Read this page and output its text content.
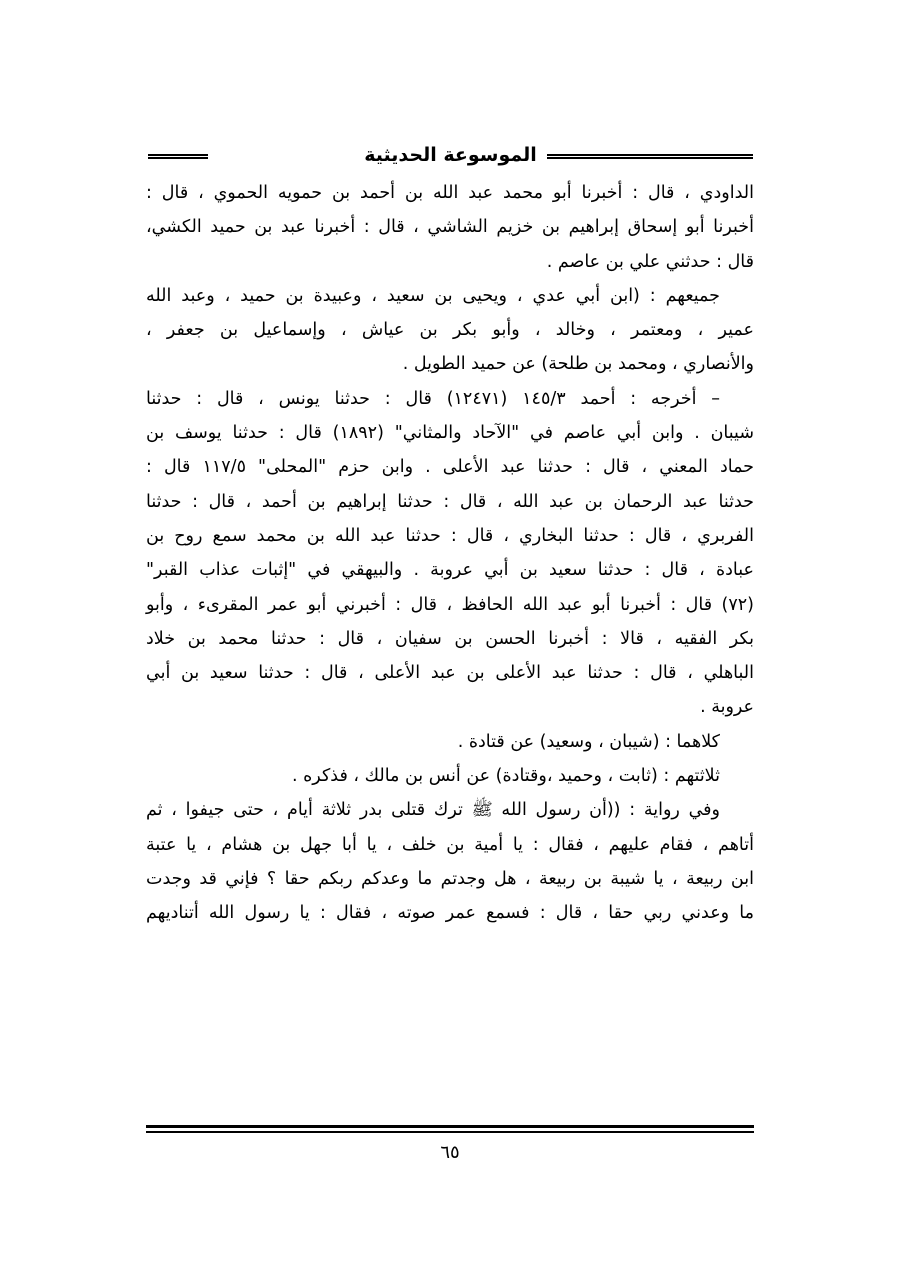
الموسوعة الحديثية
الداودي ، قال : أخبرنا أبو محمد عبد الله بن أحمد بن حمويه الحموي ، قال :
أخبرنا أبو إسحاق إبراهيم بن خزيم الشاشي ، قال : أخبرنا عبد بن حميد الكشي،
قال : حدثني علي بن عاصم .
جميعهم : (ابن أبي عدي ، ويحيى بن سعيد ، وعبيدة بن حميد ، وعبد الله
عمير ، ومعتمر ، وخالد ، وأبو بكر بن عياش ، وإسماعيل بن جعفر ،
والأنصاري ، ومحمد بن طلحة) عن حميد الطويل .
– أخرجه : أحمد ١٤٥/٣ (١٢٤٧١) قال : حدثنا يونس ، قال : حدثنا
شيبان . وابن أبي عاصم في "الآحاد والمثاني" (١٨٩٢) قال : حدثنا يوسف بن
حماد المعني ، قال : حدثنا عبد الأعلى . وابن حزم "المحلى" ١١٧/٥ قال :
حدثنا عبد الرحمان بن عبد الله ، قال : حدثنا إبراهيم بن أحمد ، قال : حدثنا
الفربري ، قال : حدثنا البخاري ، قال : حدثنا عبد الله بن محمد سمع روح بن
عبادة ، قال : حدثنا سعيد بن أبي عروبة . والبيهقي في "إثبات عذاب القبر"
(٧٢) قال : أخبرنا أبو عبد الله الحافظ ، قال : أخبرني أبو عمر المقرىء ، وأبو
بكر الفقيه ، قالا : أخبرنا الحسن بن سفيان ، قال : حدثنا محمد بن خلاد
الباهلي ، قال : حدثنا عبد الأعلى بن عبد الأعلى ، قال : حدثنا سعيد بن أبي
عروبة .
كلاهما : (شيبان ، وسعيد) عن قتادة .
ثلاثتهم : (ثابت ، وحميد ،وقتادة) عن أنس بن مالك ، فذكره .
وفي رواية : ((أن رسول الله ﷺ ترك قتلى بدر ثلاثة أيام ، حتى جيفوا ، ثم
أتاهم ، فقام عليهم ، فقال : يا أمية بن خلف ، يا أبا جهل بن هشام ، يا عتبة
ابن ربيعة ، يا شيبة بن ربيعة ، هل وجدتم ما وعدكم ربكم حقا ؟ فإني قد وجدت
ما وعدني ربي حقا ، قال : فسمع عمر صوته ، فقال : يا رسول الله أتناديهم
٦٥
